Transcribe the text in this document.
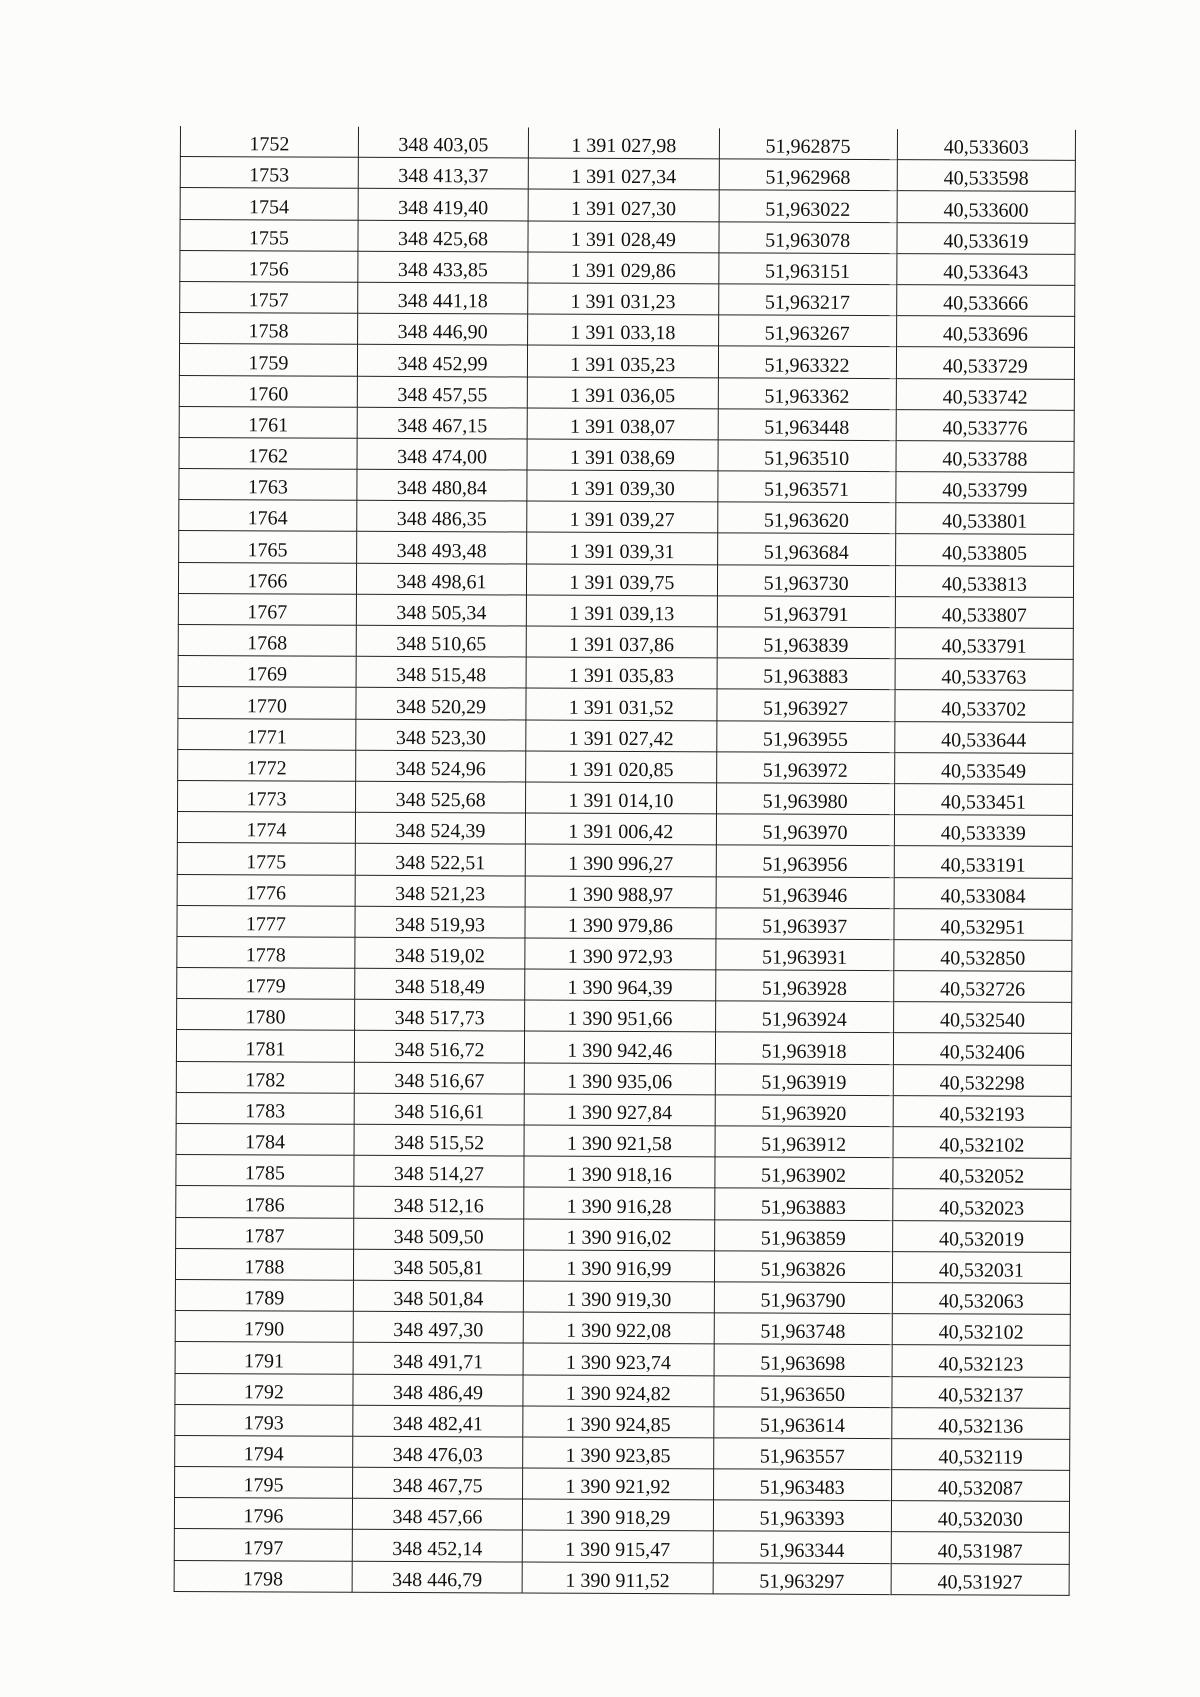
1752	348 403,05	1 391 027,98	51,962875	40,533603
1753	348 413,37	1 391 027,34	51,962968	40,533598
1754	348 419,40	1 391 027,30	51,963022	40,533600
1755	348 425,68	1 391 028,49	51,963078	40,533619
1756	348 433,85	1 391 029,86	51,963151	40,533643
1757	348 441,18	1 391 031,23	51,963217	40,533666
1758	348 446,90	1 391 033,18	51,963267	40,533696
1759	348 452,99	1 391 035,23	51,963322	40,533729
1760	348 457,55	1 391 036,05	51,963362	40,533742
1761	348 467,15	1 391 038,07	51,963448	40,533776
1762	348 474,00	1 391 038,69	51,963510	40,533788
1763	348 480,84	1 391 039,30	51,963571	40,533799
1764	348 486,35	1 391 039,27	51,963620	40,533801
1765	348 493,48	1 391 039,31	51,963684	40,533805
1766	348 498,61	1 391 039,75	51,963730	40,533813
1767	348 505,34	1 391 039,13	51,963791	40,533807
1768	348 510,65	1 391 037,86	51,963839	40,533791
1769	348 515,48	1 391 035,83	51,963883	40,533763
1770	348 520,29	1 391 031,52	51,963927	40,533702
1771	348 523,30	1 391 027,42	51,963955	40,533644
1772	348 524,96	1 391 020,85	51,963972	40,533549
1773	348 525,68	1 391 014,10	51,963980	40,533451
1774	348 524,39	1 391 006,42	51,963970	40,533339
1775	348 522,51	1 390 996,27	51,963956	40,533191
1776	348 521,23	1 390 988,97	51,963946	40,533084
1777	348 519,93	1 390 979,86	51,963937	40,532951
1778	348 519,02	1 390 972,93	51,963931	40,532850
1779	348 518,49	1 390 964,39	51,963928	40,532726
1780	348 517,73	1 390 951,66	51,963924	40,532540
1781	348 516,72	1 390 942,46	51,963918	40,532406
1782	348 516,67	1 390 935,06	51,963919	40,532298
1783	348 516,61	1 390 927,84	51,963920	40,532193
1784	348 515,52	1 390 921,58	51,963912	40,532102
1785	348 514,27	1 390 918,16	51,963902	40,532052
1786	348 512,16	1 390 916,28	51,963883	40,532023
1787	348 509,50	1 390 916,02	51,963859	40,532019
1788	348 505,81	1 390 916,99	51,963826	40,532031
1789	348 501,84	1 390 919,30	51,963790	40,532063
1790	348 497,30	1 390 922,08	51,963748	40,532102
1791	348 491,71	1 390 923,74	51,963698	40,532123
1792	348 486,49	1 390 924,82	51,963650	40,532137
1793	348 482,41	1 390 924,85	51,963614	40,532136
1794	348 476,03	1 390 923,85	51,963557	40,532119
1795	348 467,75	1 390 921,92	51,963483	40,532087
1796	348 457,66	1 390 918,29	51,963393	40,532030
1797	348 452,14	1 390 915,47	51,963344	40,531987
1798	348 446,79	1 390 911,52	51,963297	40,531927
